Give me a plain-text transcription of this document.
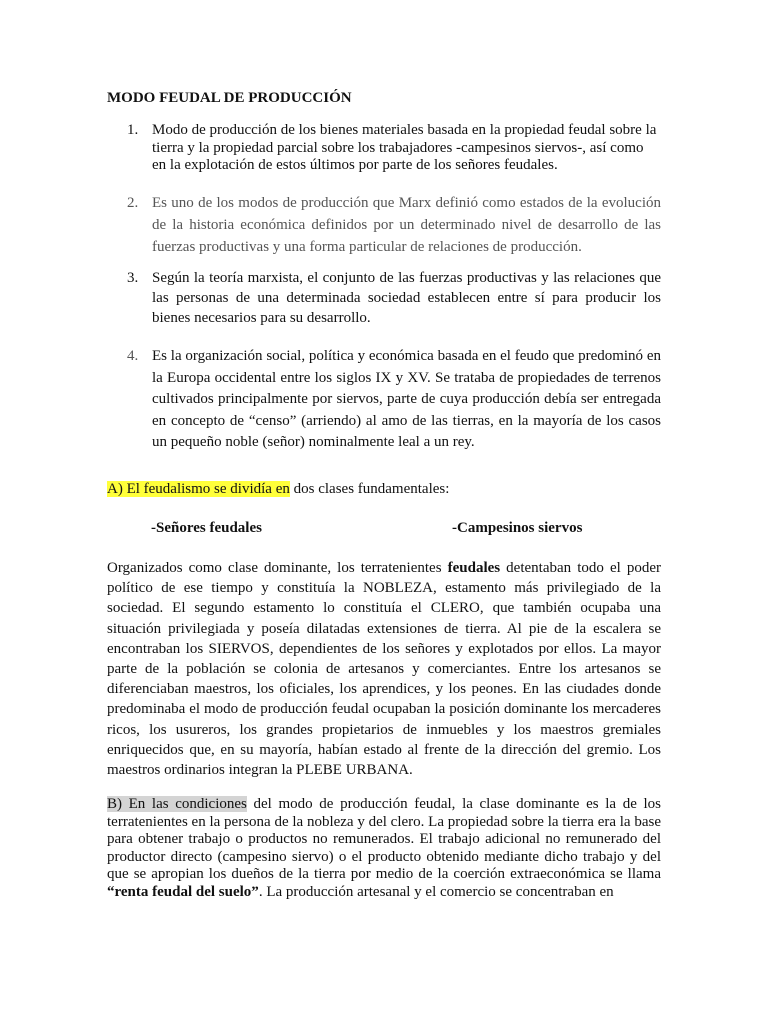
MODO FEUDAL DE PRODUCCIÓN
1. Modo de producción de los bienes materiales basada en la propiedad feudal sobre la tierra y la propiedad parcial sobre los trabajadores -campesinos siervos-, así como en la explotación de estos últimos por parte de los señores feudales.
2. Es uno de los modos de producción que Marx definió como estados de la evolución de la historia económica definidos por un determinado nivel de desarrollo de las fuerzas productivas y una forma particular de relaciones de producción.
3. Según la teoría marxista, el conjunto de las fuerzas productivas y las relaciones que las personas de una determinada sociedad establecen entre sí para producir los bienes necesarios para su desarrollo.
4. Es la organización social, política y económica basada en el feudo que predominó en la Europa occidental entre los siglos IX y XV. Se trataba de propiedades de terrenos cultivados principalmente por siervos, parte de cuya producción debía ser entregada en concepto de “censo” (arriendo) al amo de las tierras, en la mayoría de los casos un pequeño noble (señor) nominalmente leal a un rey.

A) El feudalismo se dividía en dos clases fundamentales:

-Señores feudales	-Campesinos siervos

Organizados como clase dominante, los terratenientes feudales detentaban todo el poder político de ese tiempo y constituía la NOBLEZA, estamento más privilegiado de la sociedad. El segundo estamento lo constituía el CLERO, que también ocupaba una situación privilegiada y poseía dilatadas extensiones de tierra. Al pie de la escalera se encontraban los SIERVOS, dependientes de los señores y explotados por ellos. La mayor parte de la población se colonia de artesanos y comerciantes. Entre los artesanos se diferenciaban maestros, los oficiales, los aprendices, y los peones. En las ciudades donde predominaba el modo de producción feudal ocupaban la posición dominante los mercaderes ricos, los usureros, los grandes propietarios de inmuebles y los maestros gremiales enriquecidos que, en su mayoría, habían estado al frente de la dirección del gremio. Los maestros ordinarios integran la PLEBE URBANA.

B) En las condiciones del modo de producción feudal, la clase dominante es la de los terratenientes en la persona de la nobleza y del clero. La propiedad sobre la tierra era la base para obtener trabajo o productos no remunerados. El trabajo adicional no remunerado del productor directo (campesino siervo) o el producto obtenido mediante dicho trabajo y del que se apropian los dueños de la tierra por medio de la coerción extraeconómica se llama “renta feudal del suelo”. La producción artesanal y el comercio se concentraban en
